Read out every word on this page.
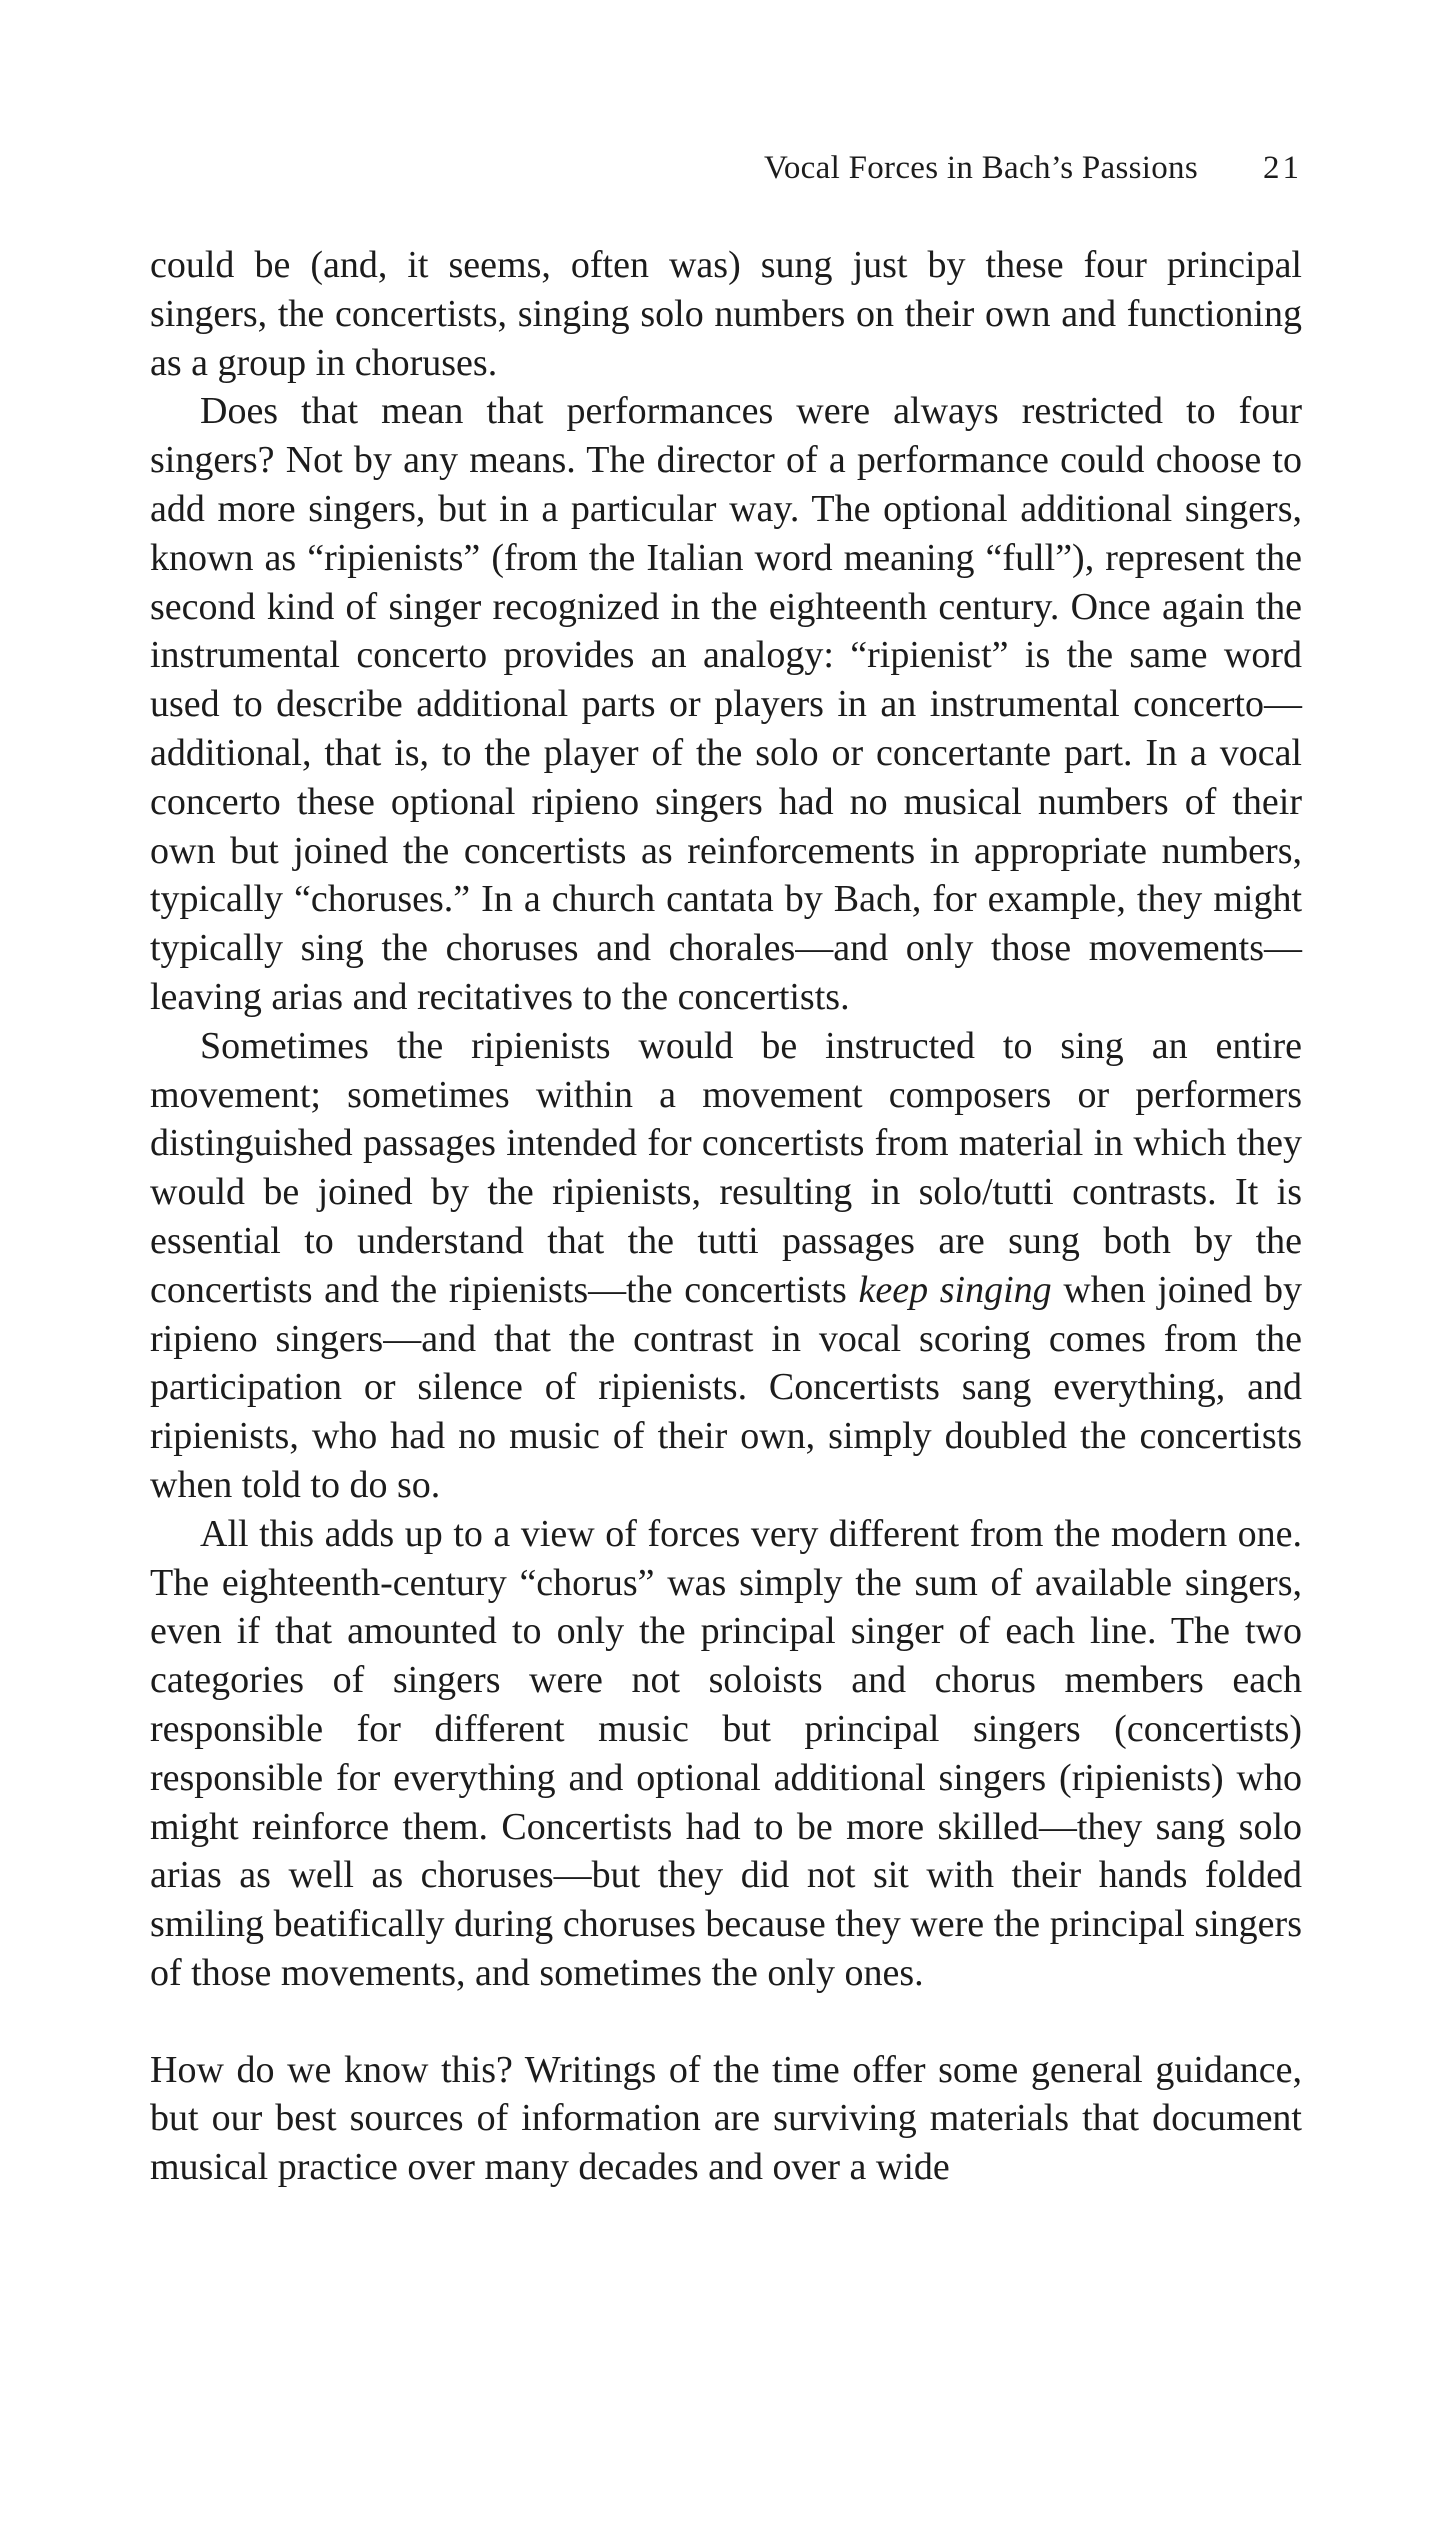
Vocal Forces in Bach’s Passions 21

could be (and, it seems, often was) sung just by these four principal singers, the concertists, singing solo numbers on their own and functioning as a group in choruses.

Does that mean that performances were always restricted to four singers? Not by any means. The director of a performance could choose to add more singers, but in a particular way. The optional additional singers, known as “ripienists” (from the Italian word meaning “full”), represent the second kind of singer recognized in the eighteenth century. Once again the instrumental concerto provides an analogy: “ripienist” is the same word used to describe additional parts or players in an instrumental concerto—additional, that is, to the player of the solo or concertante part. In a vocal concerto these optional ripieno singers had no musical numbers of their own but joined the concertists as reinforcements in appropriate numbers, typically “choruses.” In a church cantata by Bach, for example, they might typically sing the choruses and chorales—and only those movements—leaving arias and recitatives to the concertists.

Sometimes the ripienists would be instructed to sing an entire movement; sometimes within a movement composers or performers distinguished passages intended for concertists from material in which they would be joined by the ripienists, resulting in solo/tutti contrasts. It is essential to understand that the tutti passages are sung both by the concertists and the ripienists—the concertists keep singing when joined by ripieno singers—and that the contrast in vocal scoring comes from the participation or silence of ripienists. Concertists sang everything, and ripienists, who had no music of their own, simply doubled the concertists when told to do so.

All this adds up to a view of forces very different from the modern one. The eighteenth-century “chorus” was simply the sum of available singers, even if that amounted to only the principal singer of each line. The two categories of singers were not soloists and chorus members each responsible for different music but principal singers (concertists) responsible for everything and optional additional singers (ripienists) who might reinforce them. Concertists had to be more skilled—they sang solo arias as well as choruses—but they did not sit with their hands folded smiling beatifically during choruses because they were the principal singers of those movements, and sometimes the only ones.

How do we know this? Writings of the time offer some general guidance, but our best sources of information are surviving materials that document musical practice over many decades and over a wide
